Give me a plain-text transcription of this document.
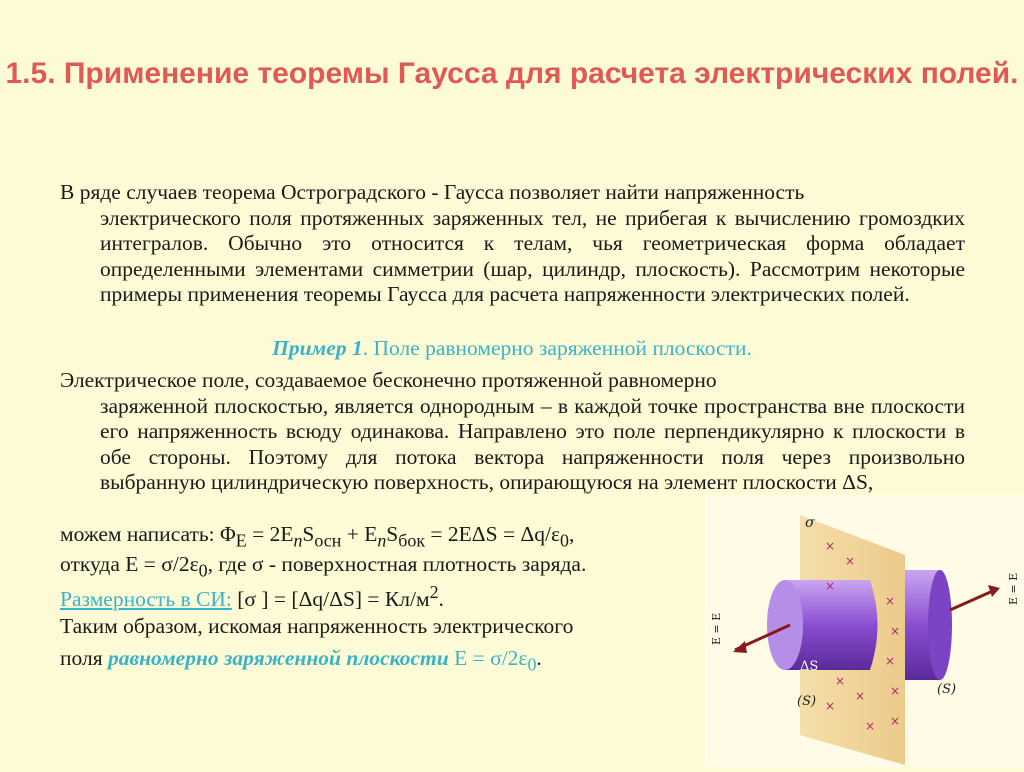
1.5. Применение теоремы Гаусса для расчета электрических полей.
В ряде случаев теорема Остроградского - Гаусса позволяет найти напряженность
электрического поля протяженных заряженных тел, не прибегая к вычислению громоздких интегралов. Обычно это относится к телам, чья геометрическая форма обладает определенными элементами симметрии (шар, цилиндр, плоскость). Рассмотрим некоторые примеры применения теоремы Гаусса для расчета напряженности электрических полей.
Пример 1. Поле равномерно заряженной плоскости.
Электрическое поле, создаваемое бесконечно протяженной равномерно
заряженной плоскостью, является однородным – в каждой точке пространства вне плоскости его напряженность всюду одинакова. Направлено это поле перпендикулярно к плоскости в обе стороны. Поэтому для потока вектора напряженности поля через произвольно выбранную цилиндрическую поверхность, опирающуюся на элемент плоскости ΔS,
можем написать: $\Phi_E = 2E_nS_{осн} + E_nS_{бок} = 2E\Delta S = \Delta q/\varepsilon_0$,
откуда $Е = \sigma/2\varepsilon_0$, где σ - поверхностная плотность заряда.
Размерность в СИ: [σ ] = $[\Delta q/\Delta S] = Кл/м^2$.
Таким образом, искомая напряженность электрического
поля равномерно заряженной плоскости $Е = \sigma/2\varepsilon_0$.
×
×
×
×
×
×
×
×
×
× ×
×
σ
ΔS
(S)
(S)
E = E
E = E
